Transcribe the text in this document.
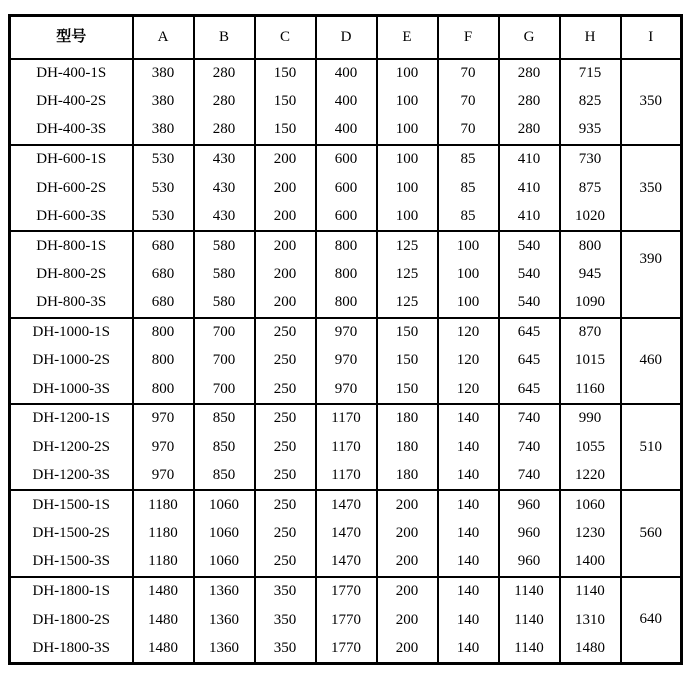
型号	A	B	C	D	E	F	G	H	I
DH-400-1S	380	280	150	400	100	70	280	715	350
DH-400-2S	380	280	150	400	100	70	280	825	
DH-400-3S	380	280	150	400	100	70	280	935	
DH-600-1S	530	430	200	600	100	85	410	730	350
DH-600-2S	530	430	200	600	100	85	410	875	
DH-600-3S	530	430	200	600	100	85	410	1020	
DH-800-1S	680	580	200	800	125	100	540	800	390
DH-800-2S	680	580	200	800	125	100	540	945	
DH-800-3S	680	580	200	800	125	100	540	1090	
DH-1000-1S	800	700	250	970	150	120	645	870	460
DH-1000-2S	800	700	250	970	150	120	645	1015	
DH-1000-3S	800	700	250	970	150	120	645	1160	
DH-1200-1S	970	850	250	1170	180	140	740	990	510
DH-1200-2S	970	850	250	1170	180	140	740	1055	
DH-1200-3S	970	850	250	1170	180	140	740	1220	
DH-1500-1S	1180	1060	250	1470	200	140	960	1060	560
DH-1500-2S	1180	1060	250	1470	200	140	960	1230	
DH-1500-3S	1180	1060	250	1470	200	140	960	1400	
DH-1800-1S	1480	1360	350	1770	200	140	1140	1140	640
DH-1800-2S	1480	1360	350	1770	200	140	1140	1310	
DH-1800-3S	1480	1360	350	1770	200	140	1140	1480	
